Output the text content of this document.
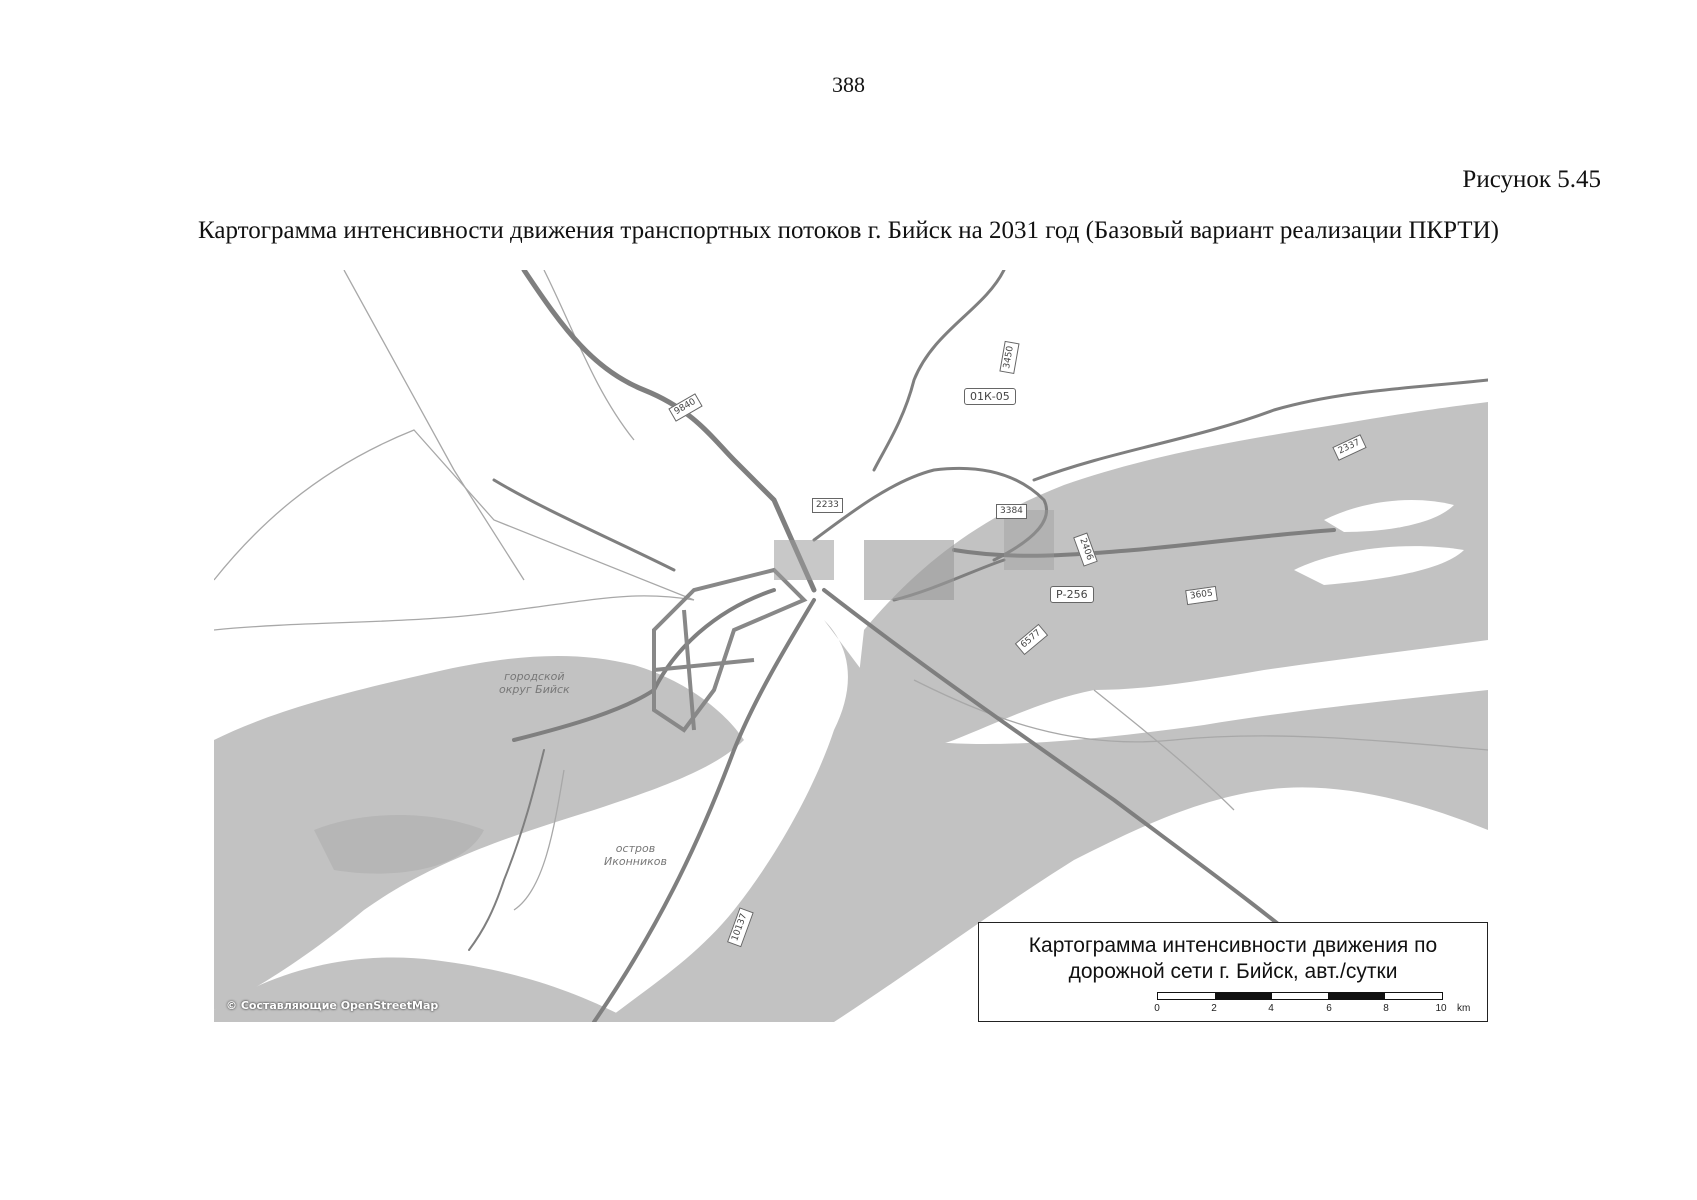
388
Рисунок 5.45
Картограмма интенсивности движения транспортных потоков г. Бийск на 2031 год (Базовый вариант реализации ПКРТИ)
городской
округ Бийск
остров
Иконников
9840
3450
01К-05
2337
2233
3384
2406
Р-256	3605
6577
10137
© Составляющие OpenStreetMap
Картограмма интенсивности движения по
дорожной сети г. Бийск, авт./сутки
0	2	4	6	8	10 km
